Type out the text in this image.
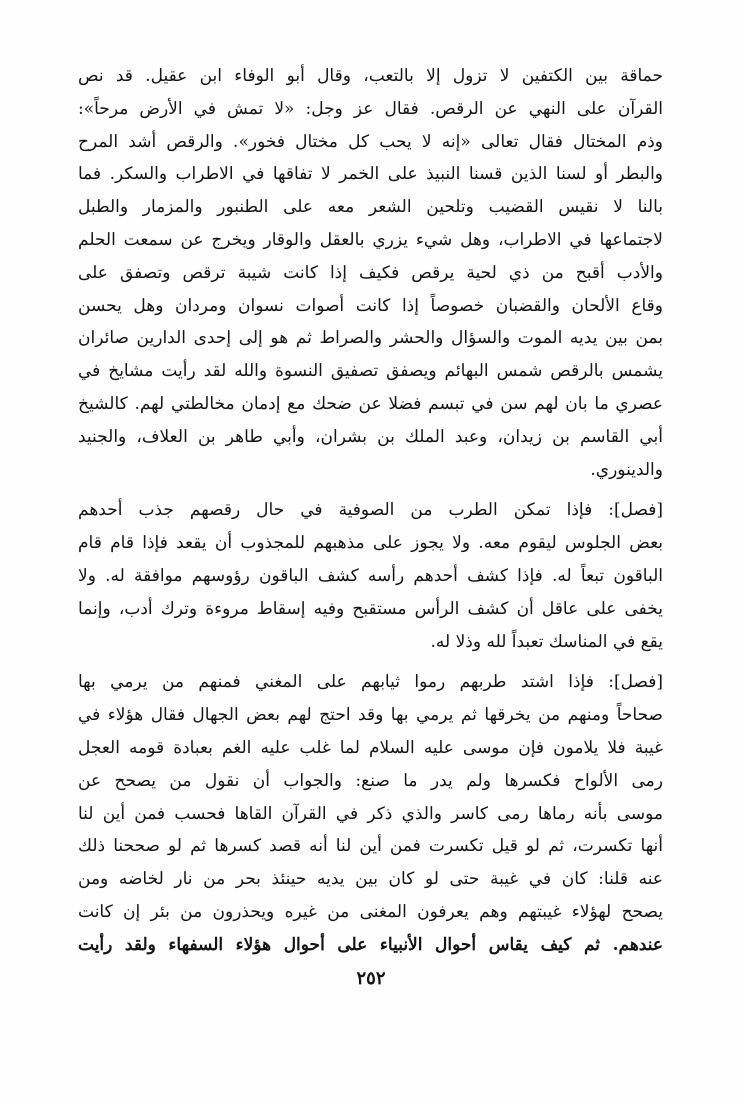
حماقة بين الكتفين لا تزول إلا بالتعب، وقال أبو الوفاء ابن عقيل. قد نص
القرآن على النهي عن الرقص. فقال عز وجل: «لا تمش في الأرض مرحاً»:
وذم المختال فقال تعالى «إنه لا يحب كل مختال فخور». والرقص أشد المرح
والبطر أو لسنا الذين قسنا النبيذ على الخمر لا تفاقها في الاطراب والسكر. فما
بالنا لا نقيس القضيب وتلحين الشعر معه على الطنبور والمزمار والطبل
لاجتماعها في الاطراب، وهل شيء يزري بالعقل والوقار ويخرج عن سمعت الحلم
والأدب أقبح من ذي لحية يرقص فكيف إذا كانت شيبة ترقص وتصفق على
وقاع الألحان والقضبان خصوصاً إذا كانت أصوات نسوان ومردان وهل يحسن
بمن بين يديه الموت والسؤال والحشر والصراط ثم هو إلى إحدى الدارين صائران
يشمس بالرقص شمس البهائم ويصفق تصفيق النسوة والله لقد رأيت مشايخ في
عصري ما بان لهم سن في تبسم فضلا عن ضحك مع إدمان مخالطتي لهم. كالشيخ
أبي القاسم بن زيدان، وعبد الملك بن بشران، وأبي طاهر بن العلاف، والجنيد
والدينوري.
[فصل]: فإذا تمكن الطرب من الصوفية في حال رقصهم جذب أحدهم
بعض الجلوس ليقوم معه. ولا يجوز على مذهبهم للمجذوب أن يقعد فإذا قام قام
الباقون تبعاً له. فإذا كشف أحدهم رأسه كشف الباقون رؤوسهم موافقة له. ولا
يخفى على عاقل أن كشف الرأس مستقبح وفيه إسقاط مروءة وترك أدب، وإنما
يقع في المناسك تعبداً لله وذلا له.
[فصل]: فإذا اشتد طربهم رموا ثيابهم على المغني فمنهم من يرمي بها
صحاحاً ومنهم من يخرقها ثم يرمي بها وقد احتج لهم بعض الجهال فقال هؤلاء في
غيبة فلا يلامون فإن موسى عليه السلام لما غلب عليه الغم بعبادة قومه العجل
رمى الألواح فكسرها ولم يدر ما صنع: والجواب أن نقول من يصحح عن
موسى بأنه رماها رمى كاسر والذي ذكر في القرآن القاها فحسب فمن أين لنا
أنها تكسرت، ثم لو قيل تكسرت فمن أين لنا أنه قصد كسرها ثم لو صححنا ذلك
عنه قلنا: كان في غيبة حتى لو كان بين يديه حينئذ بحر من نار لخاضه ومن
يصحح لهؤلاء غيبتهم وهم يعرفون المغنى من غيره ويحذرون من بئر إن كانت
عندهم. ثم كيف يقاس أحوال الأنبياء على أحوال هؤلاء السفهاء ولقد رأيت
٢٥٢
